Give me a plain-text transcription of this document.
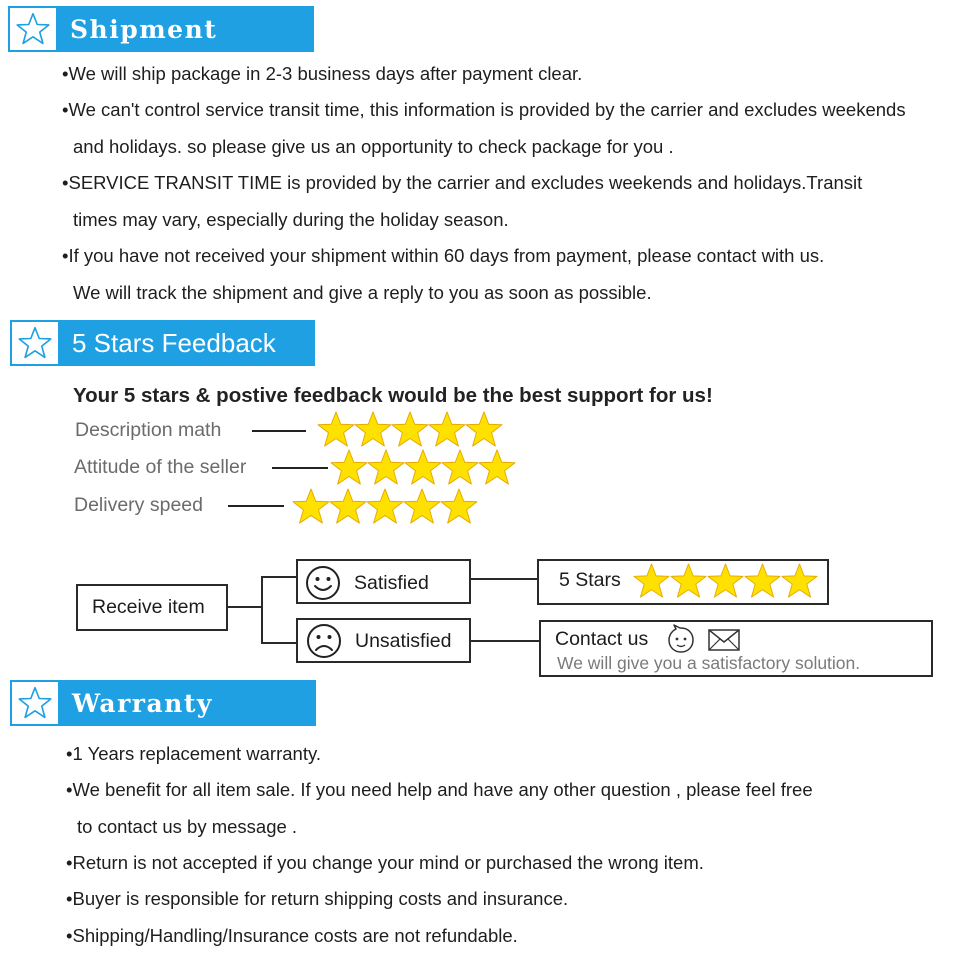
Shipment
•We will ship package in 2-3 business days after payment clear.
•We can't control service transit time, this information is provided by the carrier and excludes weekends
and holidays. so please give us an opportunity to check package for you .
•SERVICE TRANSIT TIME is provided by the carrier and excludes weekends and holidays.Transit
times may vary, especially during the holiday season.
•If you have not received your shipment within 60 days from payment, please contact with us.
We will track the shipment and give a reply to you as soon as possible.
5 Stars Feedback
Your 5 stars & postive feedback would be the best support for us!
Description math
Attitude of the seller
Delivery speed
Receive item
Satisfied
Unsatisfied
5 Stars
Contact us
We will give you a satisfactory solution.
Warranty
•1 Years replacement warranty.
•We benefit for all item sale. If you need help and have any other question , please feel free
to contact us by message .
•Return is not accepted if you change your mind or purchased the wrong item.
•Buyer is responsible for return shipping costs and insurance.
•Shipping/Handling/Insurance costs are not refundable.
